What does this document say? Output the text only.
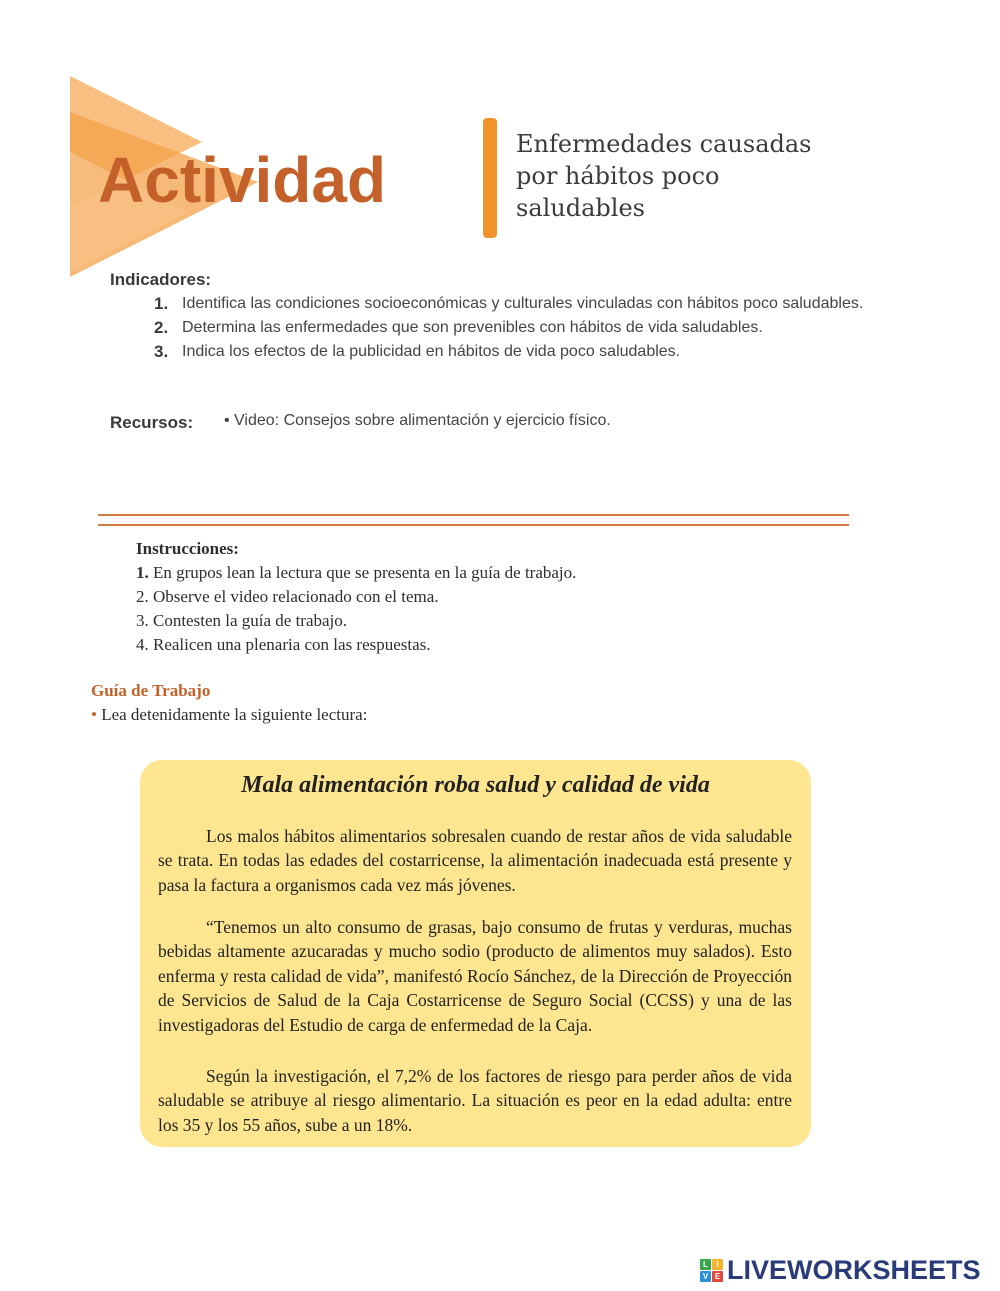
Actividad	Enfermedades causadas
por hábitos poco
saludables
Indicadores:
1. Identifica las condiciones socioeconómicas y culturales vinculadas con hábitos poco saludables.
2. Determina las enfermedades que son prevenibles con hábitos de vida saludables.
3. Indica los efectos de la publicidad en hábitos de vida poco saludables.
Recursos: • Video: Consejos sobre alimentación y ejercicio físico.
Instrucciones:
1. En grupos lean la lectura que se presenta en la guía de trabajo.
2. Observe el video relacionado con el tema.
3. Contesten la guía de trabajo.
4. Realicen una plenaria con las respuestas.
Guía de Trabajo
• Lea detenidamente la siguiente lectura:
Mala alimentación roba salud y calidad de vida

Los malos hábitos alimentarios sobresalen cuando de restar años de vida saludable se trata. En todas las edades del costarricense, la alimentación inadecuada está presente y pasa la factura a organismos cada vez más jóvenes.

“Tenemos un alto consumo de grasas, bajo consumo de frutas y verduras, muchas bebidas altamente azucaradas y mucho sodio (producto de alimentos muy salados). Esto enferma y resta calidad de vida”, manifestó Rocío Sánchez, de la Dirección de Proyección de Servicios de Salud de la Caja Costarricense de Seguro Social (CCSS) y una de las investigadoras del Estudio de carga de enfermedad de la Caja.

Según la investigación, el 7,2% de los factores de riesgo para perder años de vida saludable se atribuye al riesgo alimentario. La situación es peor en la edad adulta: entre los 35 y los 55 años, sube a un 18%.

L	I
V E LIVEWORKSHEETS
